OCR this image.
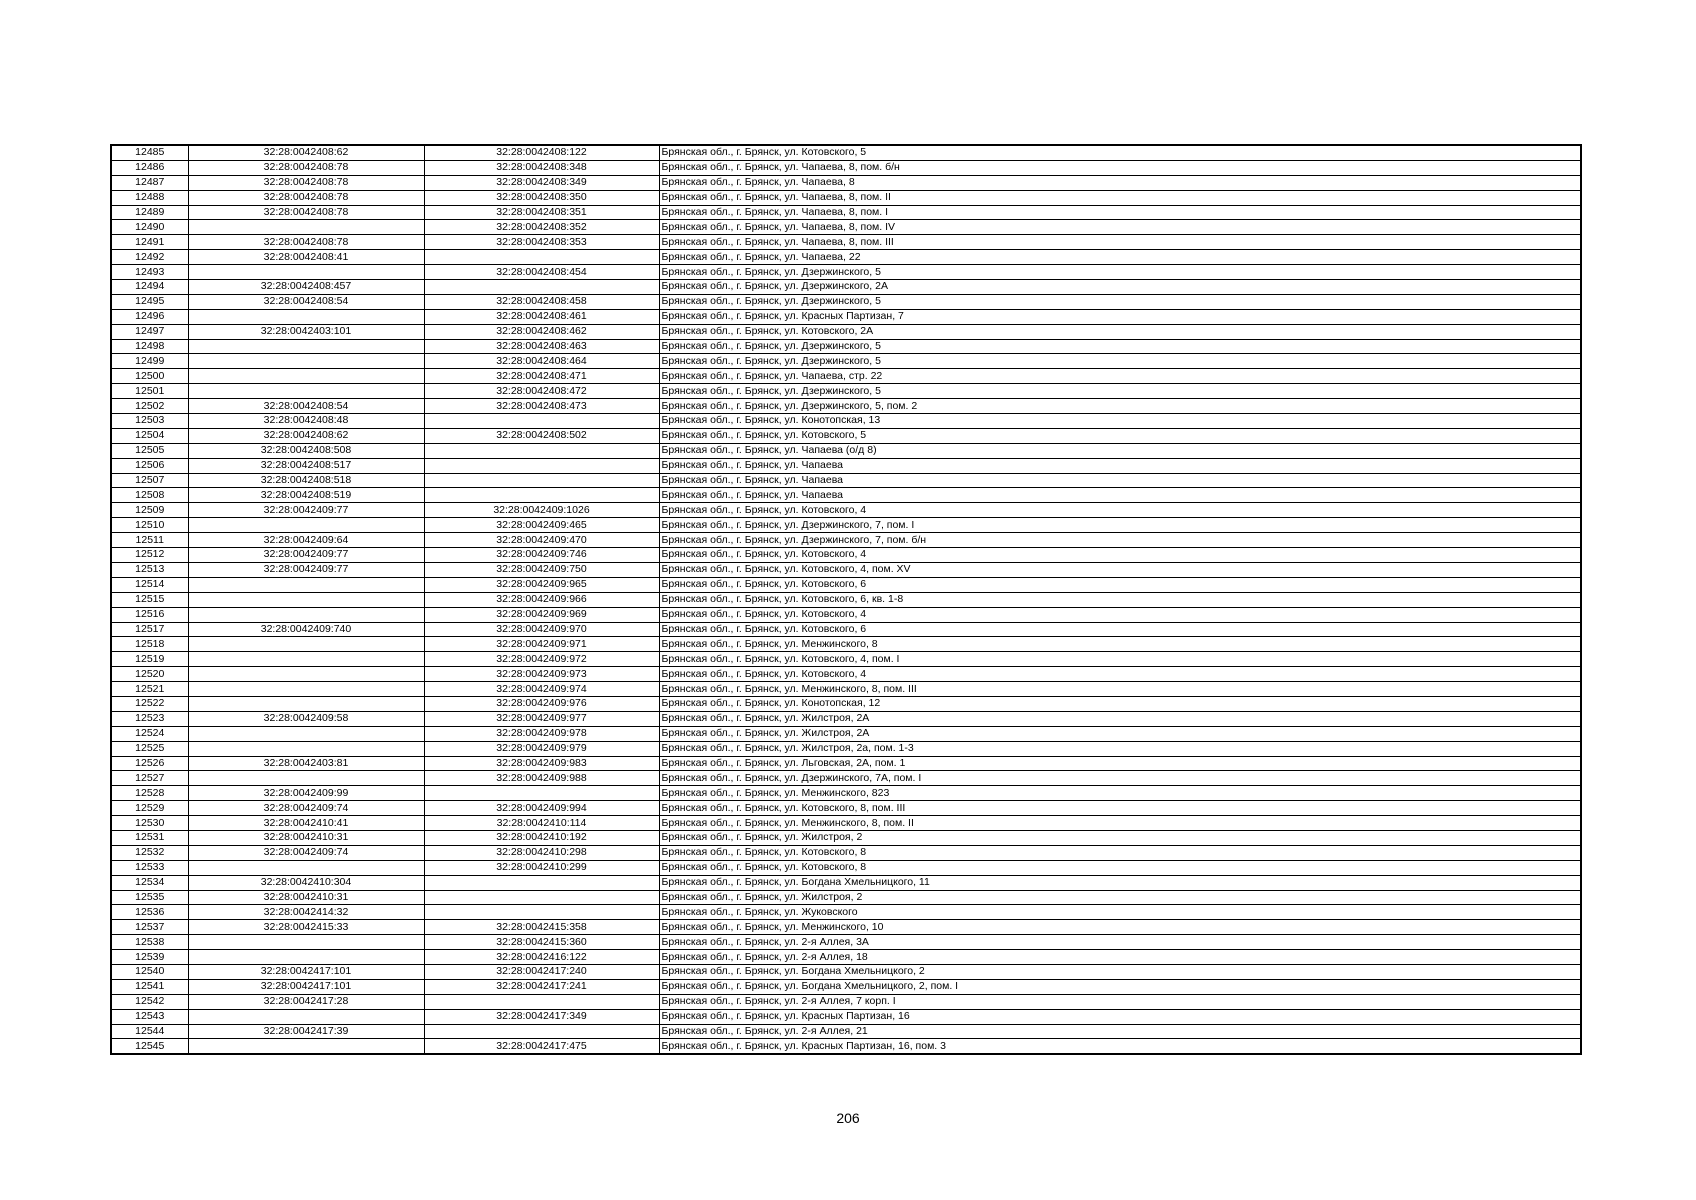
12485	32:28:0042408:62	32:28:0042408:122	Брянская обл., г. Брянск, ул. Котовского, 5
12486	32:28:0042408:78	32:28:0042408:348	Брянская обл., г. Брянск, ул. Чапаева, 8, пом. б/н
12487	32:28:0042408:78	32:28:0042408:349	Брянская обл., г. Брянск, ул. Чапаева, 8
12488	32:28:0042408:78	32:28:0042408:350	Брянская обл., г. Брянск, ул. Чапаева, 8, пом. II
12489	32:28:0042408:78	32:28:0042408:351	Брянская обл., г. Брянск, ул. Чапаева, 8, пом. I
12490		32:28:0042408:352	Брянская обл., г. Брянск, ул. Чапаева, 8, пом. IV
12491	32:28:0042408:78	32:28:0042408:353	Брянская обл., г. Брянск, ул. Чапаева, 8, пом. III
12492	32:28:0042408:41		Брянская обл., г. Брянск, ул. Чапаева, 22
12493		32:28:0042408:454	Брянская обл., г. Брянск, ул. Дзержинского, 5
12494	32:28:0042408:457		Брянская обл., г. Брянск, ул. Дзержинского, 2А
12495	32:28:0042408:54	32:28:0042408:458	Брянская обл., г. Брянск, ул. Дзержинского, 5
12496		32:28:0042408:461	Брянская обл., г. Брянск, ул. Красных Партизан, 7
12497	32:28:0042403:101	32:28:0042408:462	Брянская обл., г. Брянск, ул. Котовского, 2А
12498		32:28:0042408:463	Брянская обл., г. Брянск, ул. Дзержинского, 5
12499		32:28:0042408:464	Брянская обл., г. Брянск, ул. Дзержинского, 5
12500		32:28:0042408:471	Брянская обл., г. Брянск, ул. Чапаева, стр. 22
12501		32:28:0042408:472	Брянская обл., г. Брянск, ул. Дзержинского, 5
12502	32:28:0042408:54	32:28:0042408:473	Брянская обл., г. Брянск, ул. Дзержинского, 5, пом. 2
12503	32:28:0042408:48		Брянская обл., г. Брянск, ул. Конотопская, 13
12504	32:28:0042408:62	32:28:0042408:502	Брянская обл., г. Брянск, ул. Котовского, 5
12505	32:28:0042408:508		Брянская обл., г. Брянск, ул. Чапаева (о/д 8)
12506	32:28:0042408:517		Брянская обл., г. Брянск, ул. Чапаева
12507	32:28:0042408:518		Брянская обл., г. Брянск, ул. Чапаева
12508	32:28:0042408:519		Брянская обл., г. Брянск, ул. Чапаева
12509	32:28:0042409:77	32:28:0042409:1026	Брянская обл., г. Брянск, ул. Котовского, 4
12510		32:28:0042409:465	Брянская обл., г. Брянск, ул. Дзержинского, 7, пом. I
12511	32:28:0042409:64	32:28:0042409:470	Брянская обл., г. Брянск, ул. Дзержинского, 7, пом. б/н
12512	32:28:0042409:77	32:28:0042409:746	Брянская обл., г. Брянск, ул. Котовского, 4
12513	32:28:0042409:77	32:28:0042409:750	Брянская обл., г. Брянск, ул. Котовского, 4, пом. XV
12514		32:28:0042409:965	Брянская обл., г. Брянск, ул. Котовского, 6
12515		32:28:0042409:966	Брянская обл., г. Брянск, ул. Котовского, 6, кв. 1-8
12516		32:28:0042409:969	Брянская обл., г. Брянск, ул. Котовского, 4
12517	32:28:0042409:740	32:28:0042409:970	Брянская обл., г. Брянск, ул. Котовского, 6
12518		32:28:0042409:971	Брянская обл., г. Брянск, ул. Менжинского, 8
12519		32:28:0042409:972	Брянская обл., г. Брянск, ул. Котовского, 4, пом. I
12520		32:28:0042409:973	Брянская обл., г. Брянск, ул. Котовского, 4
12521		32:28:0042409:974	Брянская обл., г. Брянск, ул. Менжинского, 8, пом. III
12522		32:28:0042409:976	Брянская обл., г. Брянск, ул. Конотопская, 12
12523	32:28:0042409:58	32:28:0042409:977	Брянская обл., г. Брянск, ул. Жилстроя, 2А
12524		32:28:0042409:978	Брянская обл., г. Брянск, ул. Жилстроя, 2А
12525		32:28:0042409:979	Брянская обл., г. Брянск, ул. Жилстроя, 2а, пом. 1-3
12526	32:28:0042403:81	32:28:0042409:983	Брянская обл., г. Брянск, ул. Льговская, 2А, пом. 1
12527		32:28:0042409:988	Брянская обл., г. Брянск, ул. Дзержинского, 7А, пом. I
12528	32:28:0042409:99		Брянская обл., г. Брянск, ул. Менжинского, 823
12529	32:28:0042409:74	32:28:0042409:994	Брянская обл., г. Брянск, ул. Котовского, 8, пом. III
12530	32:28:0042410:41	32:28:0042410:114	Брянская обл., г. Брянск, ул. Менжинского, 8, пом. II
12531	32:28:0042410:31	32:28:0042410:192	Брянская обл., г. Брянск, ул. Жилстроя, 2
12532	32:28:0042409:74	32:28:0042410:298	Брянская обл., г. Брянск, ул. Котовского, 8
12533		32:28:0042410:299	Брянская обл., г. Брянск, ул. Котовского, 8
12534	32:28:0042410:304		Брянская обл., г. Брянск, ул. Богдана Хмельницкого, 11
12535	32:28:0042410:31		Брянская обл., г. Брянск, ул. Жилстроя, 2
12536	32:28:0042414:32		Брянская обл., г. Брянск, ул. Жуковского
12537	32:28:0042415:33	32:28:0042415:358	Брянская обл., г. Брянск, ул. Менжинского, 10
12538		32:28:0042415:360	Брянская обл., г. Брянск, ул. 2-я Аллея, 3А
12539		32:28:0042416:122	Брянская обл., г. Брянск, ул. 2-я Аллея, 18
12540	32:28:0042417:101	32:28:0042417:240	Брянская обл., г. Брянск, ул. Богдана Хмельницкого, 2
12541	32:28:0042417:101	32:28:0042417:241	Брянская обл., г. Брянск, ул. Богдана Хмельницкого, 2, пом. I
12542	32:28:0042417:28		Брянская обл., г. Брянск, ул. 2-я Аллея, 7 корп. I
12543		32:28:0042417:349	Брянская обл., г. Брянск, ул. Красных Партизан, 16
12544	32:28:0042417:39		Брянская обл., г. Брянск, ул. 2-я Аллея, 21
12545		32:28:0042417:475	Брянская обл., г. Брянск, ул. Красных Партизан, 16, пом. 3
206
